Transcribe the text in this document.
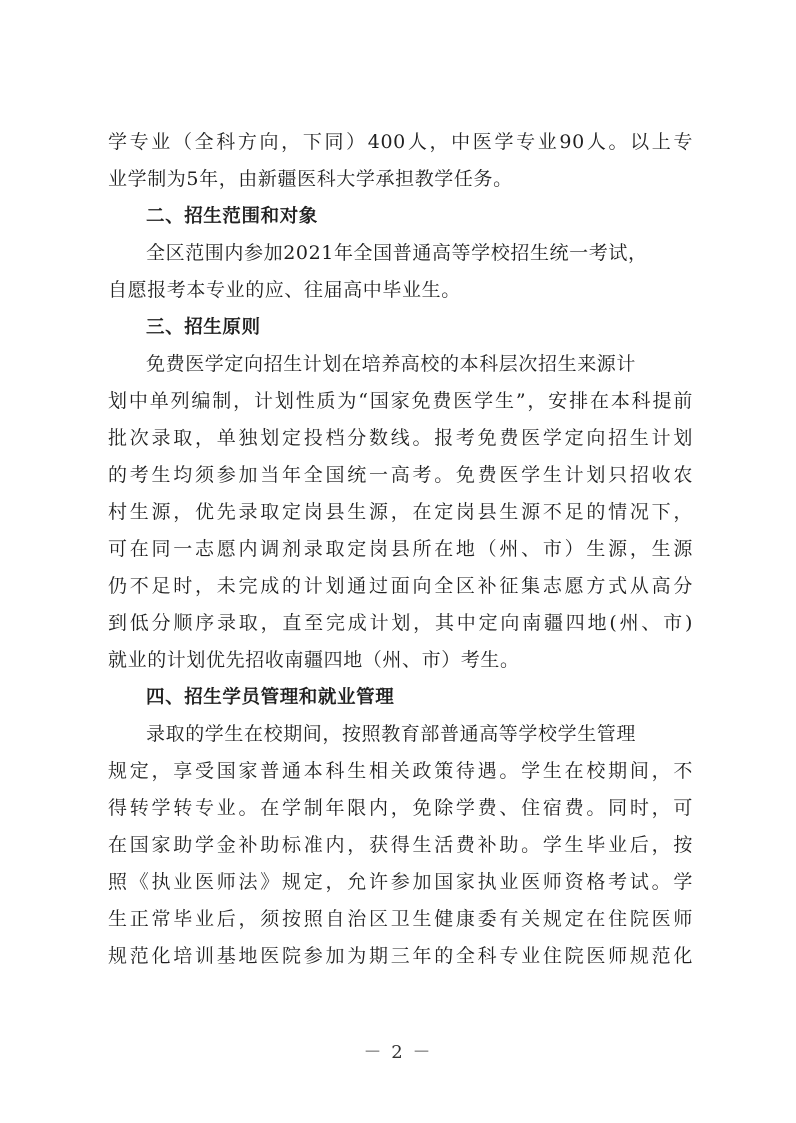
学专业（全科方向，下同）400人，中医学专业90人。以上专
业学制为5年，由新疆医科大学承担教学任务。
二、招生范围和对象
全区范围内参加2021年全国普通高等学校招生统一考试，
自愿报考本专业的应、往届高中毕业生。
三、招生原则
免费医学定向招生计划在培养高校的本科层次招生来源计
划中单列编制，计划性质为“国家免费医学生”，安排在本科提前
批次录取，单独划定投档分数线。报考免费医学定向招生计划
的考生均须参加当年全国统一高考。免费医学生计划只招收农
村生源，优先录取定岗县生源，在定岗县生源不足的情况下，
可在同一志愿内调剂录取定岗县所在地（州、市）生源，生源
仍不足时，未完成的计划通过面向全区补征集志愿方式从高分
到低分顺序录取，直至完成计划，其中定向南疆四地(州、市)
就业的计划优先招收南疆四地（州、市）考生。
四、招生学员管理和就业管理
录取的学生在校期间，按照教育部普通高等学校学生管理
规定，享受国家普通本科生相关政策待遇。学生在校期间，不
得转学转专业。在学制年限内，免除学费、住宿费。同时，可
在国家助学金补助标准内，获得生活费补助。学生毕业后，按
照《执业医师法》规定，允许参加国家执业医师资格考试。学
生正常毕业后，须按照自治区卫生健康委有关规定在住院医师
规范化培训基地医院参加为期三年的全科专业住院医师规范化
－ 2 －
